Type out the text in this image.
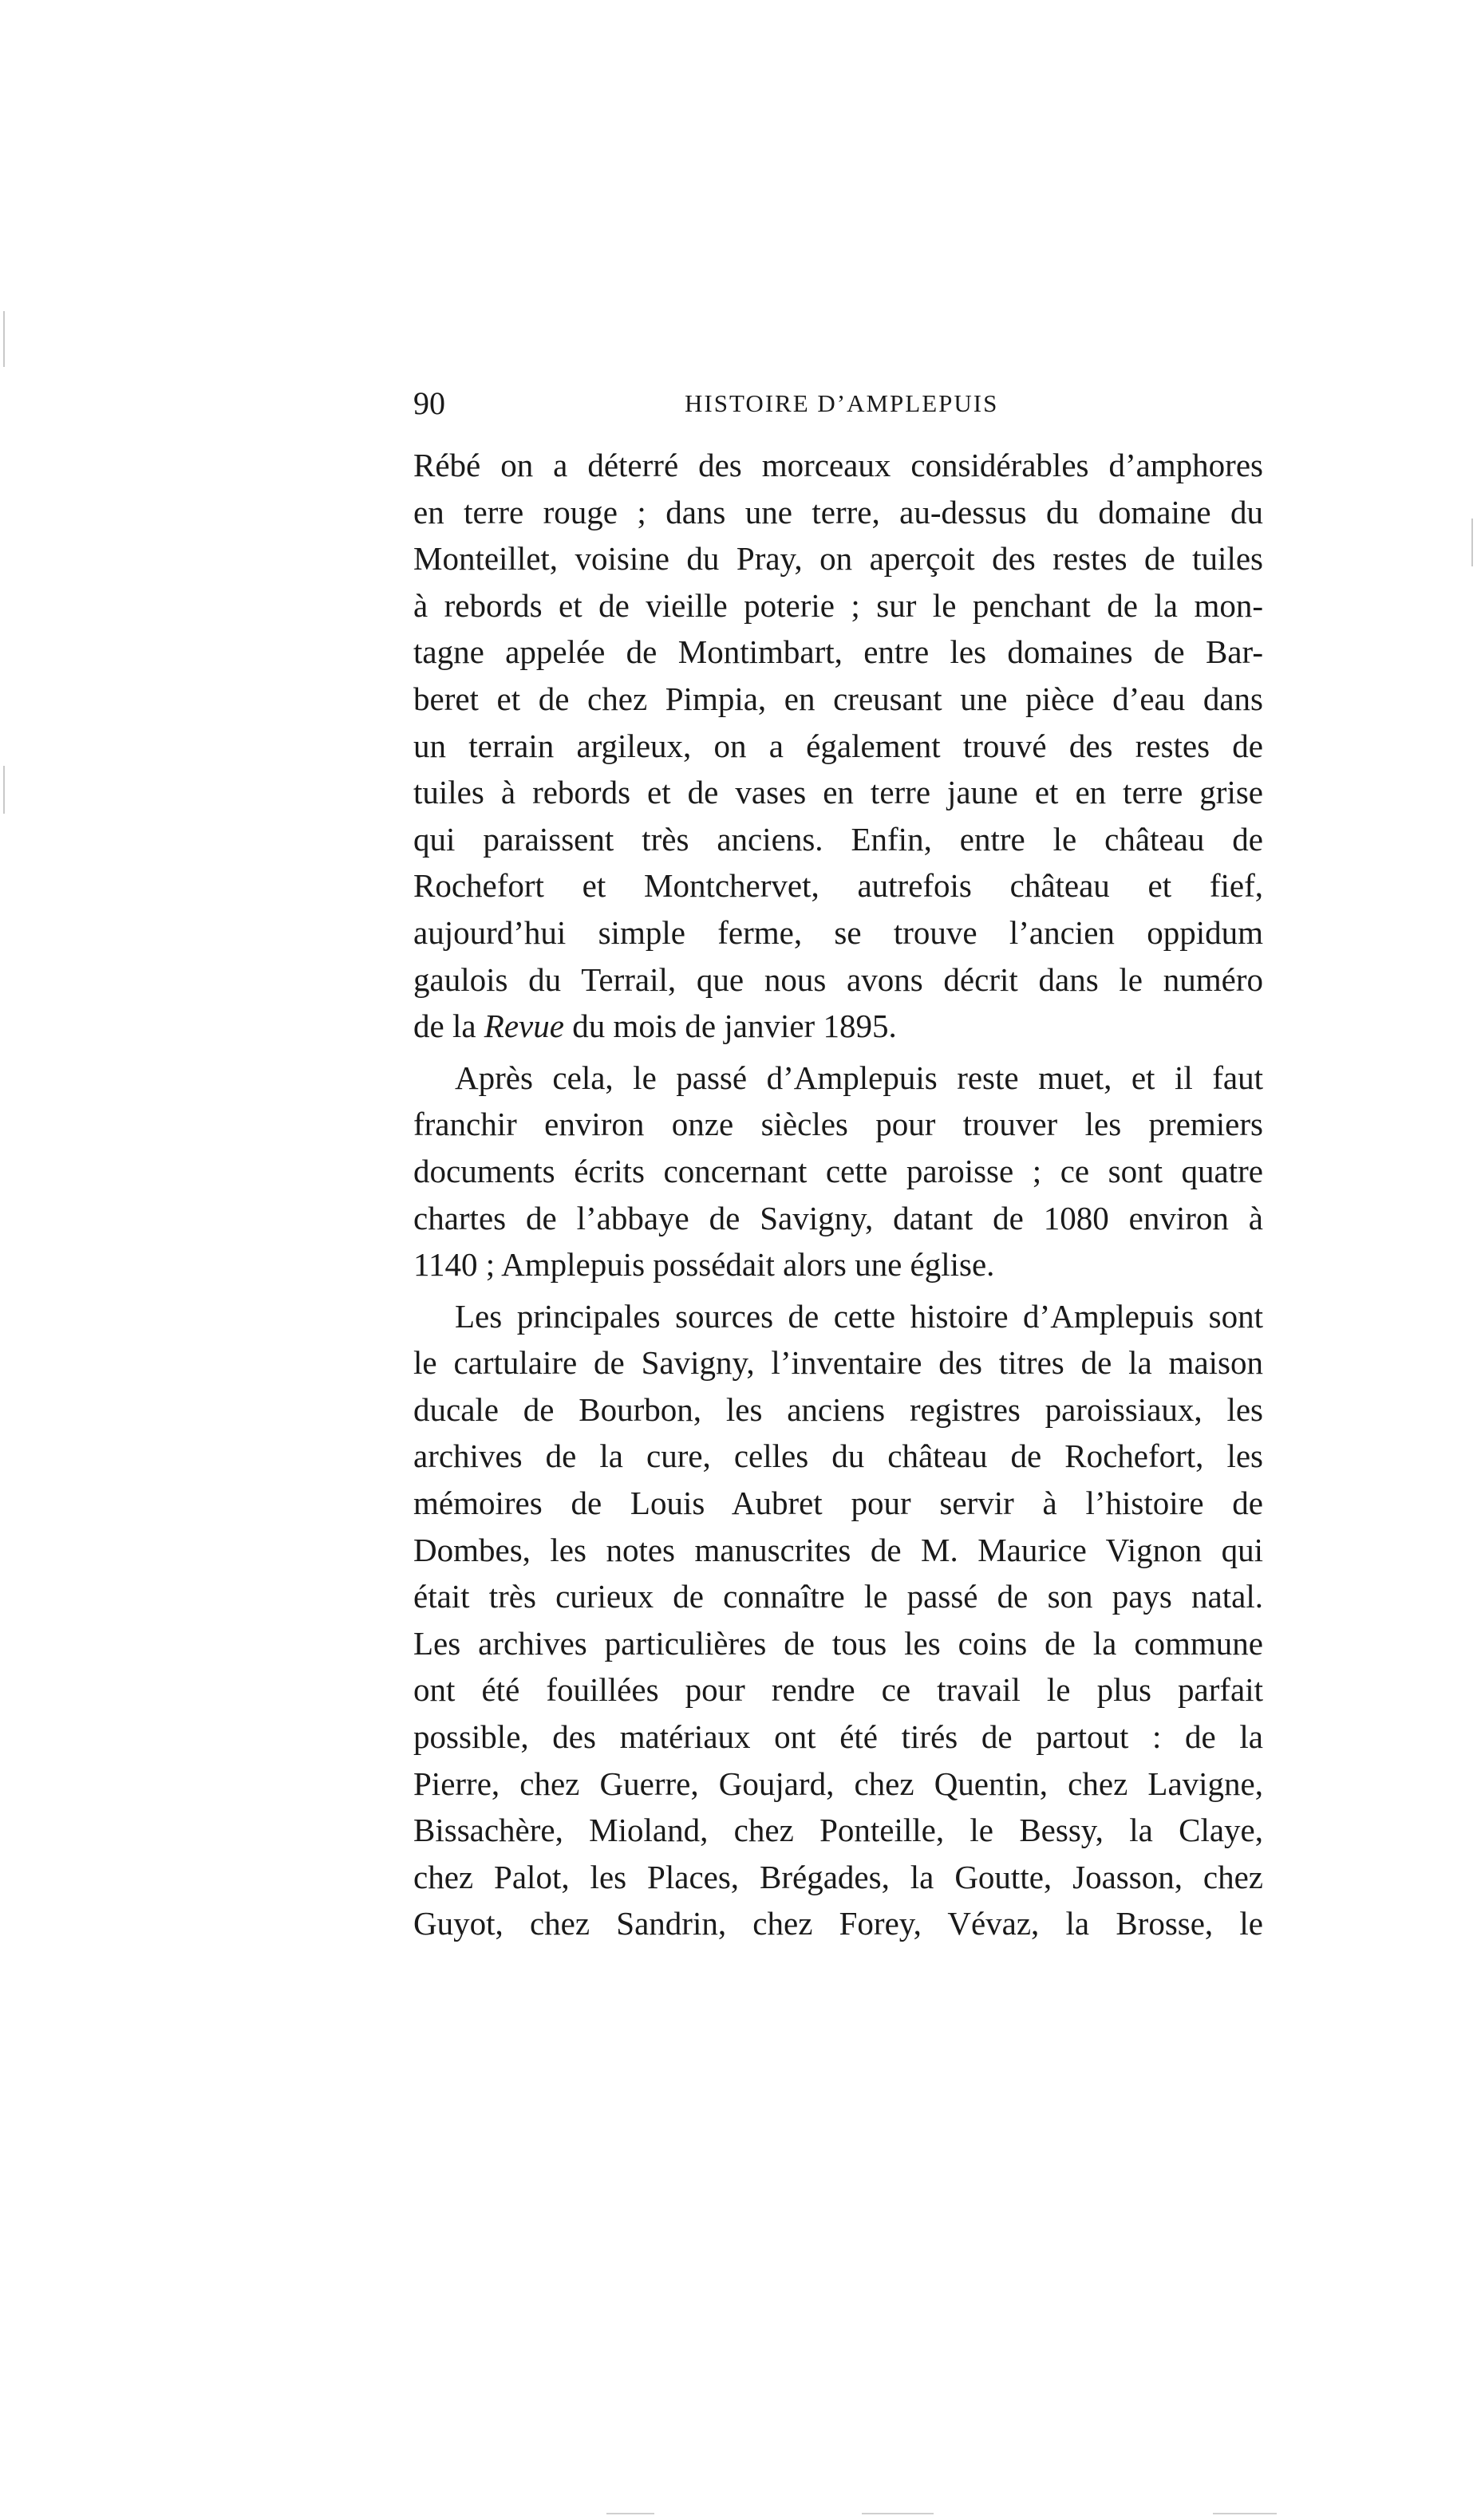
90	HISTOIRE D’AMPLEPUIS
Rébé on a déterré des morceaux considérables d’amphores
en terre rouge ; dans une terre, au-dessus du domaine du
Monteillet, voisine du Pray, on aperçoit des restes de tuiles
à rebords et de vieille poterie ; sur le penchant de la mon-
tagne appelée de Montimbart, entre les domaines de Bar-
beret et de chez Pimpia, en creusant une pièce d’eau dans
un terrain argileux, on a également trouvé des restes de
tuiles à rebords et de vases en terre jaune et en terre grise
qui paraissent très anciens. Enfin, entre le château de
Rochefort et Montchervet, autrefois château et fief,
aujourd’hui simple ferme, se trouve l’ancien oppidum
gaulois du Terrail, que nous avons décrit dans le numéro
de la Revue du mois de janvier 1895.
Après cela, le passé d’Amplepuis reste muet, et il faut
franchir environ onze siècles pour trouver les premiers
documents écrits concernant cette paroisse ; ce sont quatre
chartes de l’abbaye de Savigny, datant de 1080 environ à
1140 ; Amplepuis possédait alors une église.
Les principales sources de cette histoire d’Amplepuis sont
le cartulaire de Savigny, l’inventaire des titres de la maison
ducale de Bourbon, les anciens registres paroissiaux, les
archives de la cure, celles du château de Rochefort, les
mémoires de Louis Aubret pour servir à l’histoire de
Dombes, les notes manuscrites de M. Maurice Vignon qui
était très curieux de connaître le passé de son pays natal.
Les archives particulières de tous les coins de la commune
ont été fouillées pour rendre ce travail le plus parfait
possible, des matériaux ont été tirés de partout : de la
Pierre, chez Guerre, Goujard, chez Quentin, chez Lavigne,
Bissachère, Mioland, chez Ponteille, le Bessy, la Claye,
chez Palot, les Places, Brégades, la Goutte, Joasson, chez
Guyot, chez Sandrin, chez Forey, Vévaz, la Brosse, le
